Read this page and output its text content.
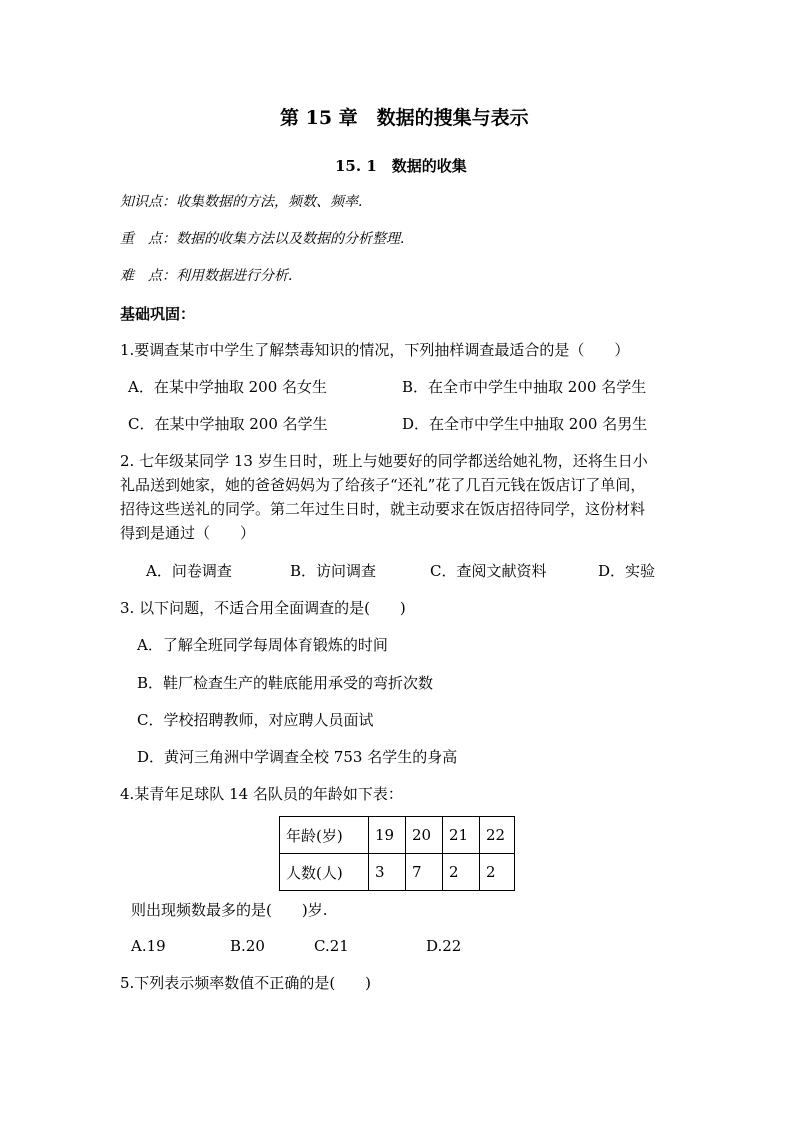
第 15 章　数据的搜集与表示
15. 1　数据的收集
知识点：收集数据的方法，频数、频率.
重　点：数据的收集方法以及数据的分析整理.
难　点：利用数据进行分析.
基础巩固：
1.要调查某市中学生了解禁毒知识的情况，下列抽样调查最适合的是（　　）
A．在某中学抽取 200 名女生	B．在全市中学生中抽取 200 名学生
C．在某中学抽取 200 名学生	D．在全市中学生中抽取 200 名男生
2. 七年级某同学 13 岁生日时，班上与她要好的同学都送给她礼物，还将生日小
礼品送到她家，她的爸爸妈妈为了给孩子“还礼”花了几百元钱在饭店订了单间，
招待这些送礼的同学。第二年过生日时，就主动要求在饭店招待同学，这份材料
得到是通过（　　）
A．问卷调查	B．访问调查	C．查阅文献资料	D．实验
3. 以下问题，不适合用全面调查的是(　　)
A．了解全班同学每周体育锻炼的时间
B．鞋厂检查生产的鞋底能用承受的弯折次数
C．学校招聘教师，对应聘人员面试
D．黄河三角洲中学调查全校 753 名学生的身高
4.某青年足球队 14 名队员的年龄如下表：
年龄(岁)	19	20	21	22
人数(人)	3	7	2	2
则出现频数最多的是(　　)岁.
A.19	B.20	C.21	D.22
5.下列表示频率数值不正确的是(　　)
